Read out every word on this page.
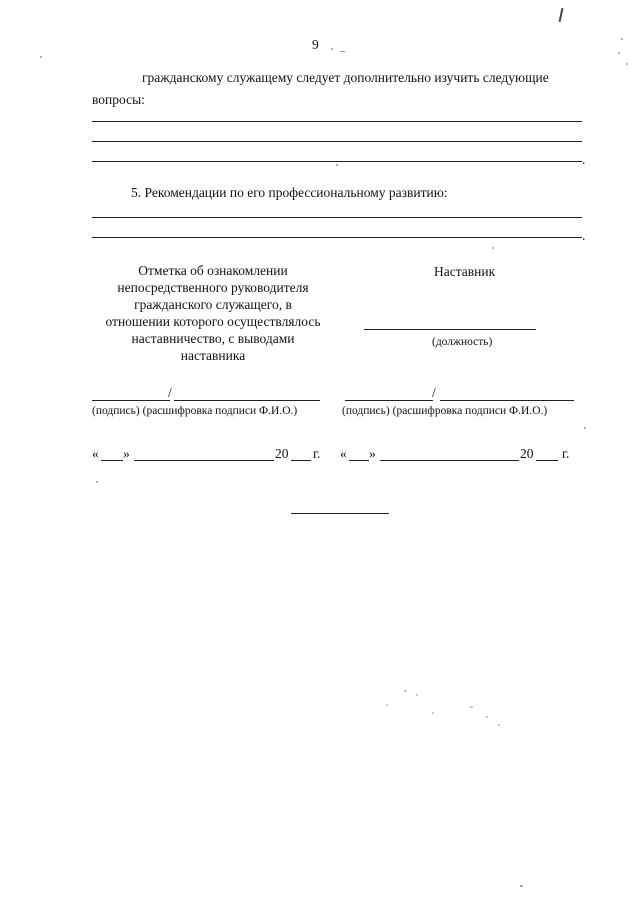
9
гражданскому служащему следует дополнительно изучить следующие
вопросы:
.
5. Рекомендации по его профессиональному развитию:
.
Отметка об ознакомлении
непосредственного руководителя
гражданского служащего, в
отношении которого осуществлялось
наставничество, с выводами
наставника
Наставник
(должность)
/
(подпись) (расшифровка подписи Ф.И.О.)
/
(подпись) (расшифровка подписи Ф.И.О.)
« »	20 г. « »	20 г.
